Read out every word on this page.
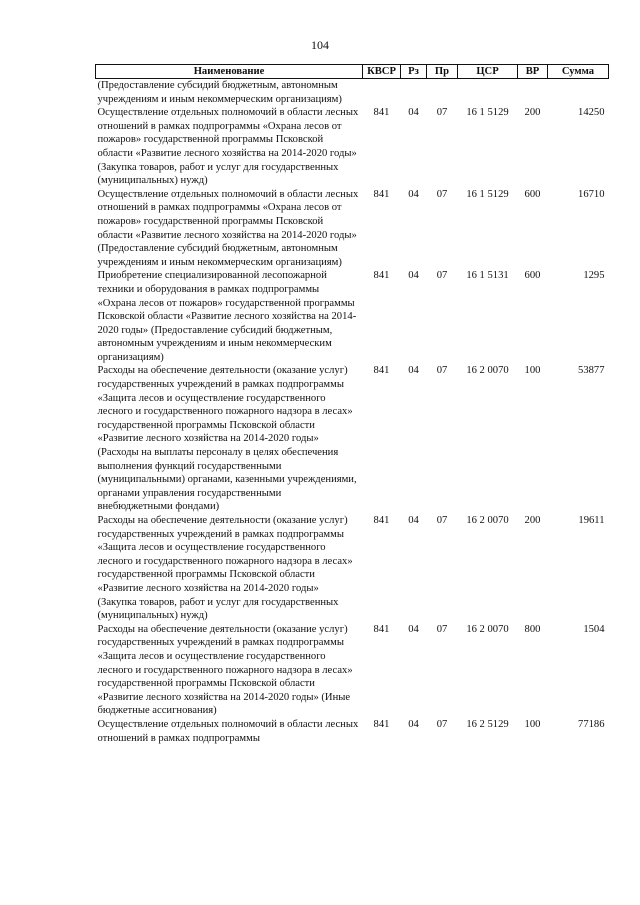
104
Наименование	КВСР	Рз	Пр	ЦСР	ВР	Сумма
(Предоставление субсидий бюджетным, автономным учреждениям и иным некоммерческим организациям)						
Осуществление отдельных полномочий в области лесных отношений в рамках подпрограммы «Охрана лесов от пожаров» государственной программы Псковской области «Развитие лесного хозяйства на 2014-2020 годы» (Закупка товаров, работ и услуг для государственных (муниципальных) нужд)	841	04	07	16 1 5129	200	14250
Осуществление отдельных полномочий в области лесных отношений в рамках подпрограммы «Охрана лесов от пожаров» государственной программы Псковской области «Развитие лесного хозяйства на 2014-2020 годы» (Предоставление субсидий бюджетным, автономным учреждениям и иным некоммерческим организациям)	841	04	07	16 1 5129	600	16710
Приобретение специализированной лесопожарной техники и оборудования в рамках подпрограммы «Охрана лесов от пожаров» государственной программы Псковской области «Развитие лесного хозяйства на 2014-2020 годы» (Предоставление субсидий бюджетным, автономным учреждениям и иным некоммерческим организациям)	841	04	07	16 1 5131	600	1295
Расходы на обеспечение деятельности (оказание услуг) государственных учреждений в рамках подпрограммы «Защита лесов и осуществление государственного лесного и государственного пожарного надзора в лесах» государственной программы Псковской области «Развитие лесного хозяйства на 2014-2020 годы» (Расходы на выплаты персоналу в целях обеспечения выполнения функций государственными (муниципальными) органами, казенными учреждениями, органами управления государственными внебюджетными фондами)	841	04	07	16 2 0070	100	53877
Расходы на обеспечение деятельности (оказание услуг) государственных учреждений в рамках подпрограммы «Защита лесов и осуществление государственного лесного и государственного пожарного надзора в лесах» государственной программы Псковской области «Развитие лесного хозяйства на 2014-2020 годы» (Закупка товаров, работ и услуг для государственных (муниципальных) нужд)	841	04	07	16 2 0070	200	19611
Расходы на обеспечение деятельности (оказание услуг) государственных учреждений в рамках подпрограммы «Защита лесов и осуществление государственного лесного и государственного пожарного надзора в лесах» государственной программы Псковской области «Развитие лесного хозяйства на 2014-2020 годы» (Иные бюджетные ассигнования)	841	04	07	16 2 0070	800	1504
Осуществление отдельных полномочий в области лесных отношений в рамках подпрограммы	841	04	07	16 2 5129	100	77186
